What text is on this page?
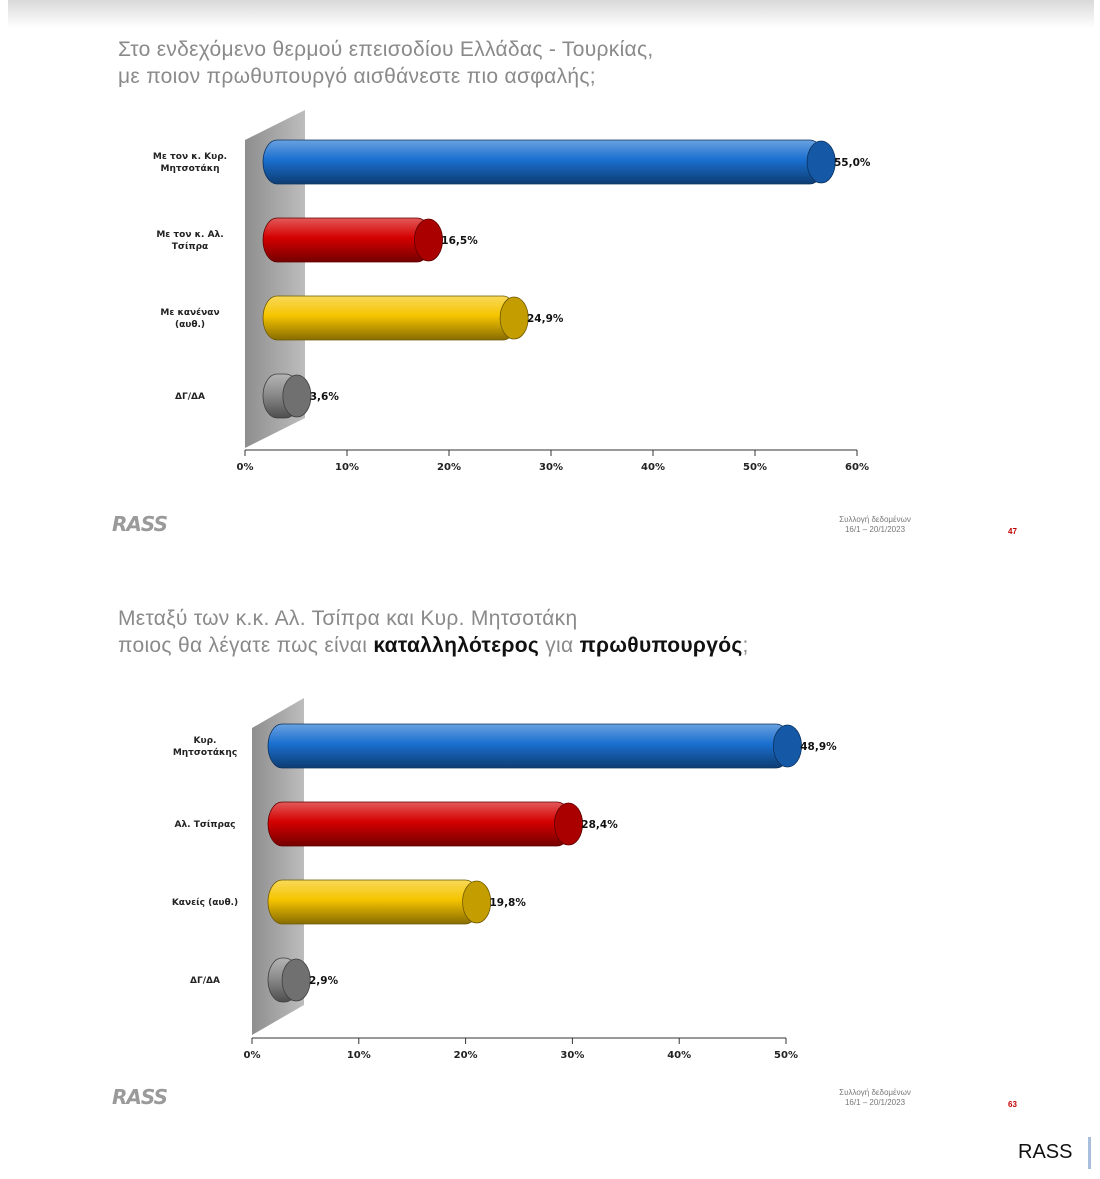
Στο ενδεχόμενο θερμού επεισοδίου Ελλάδας - Τουρκίας,
με ποιον πρωθυπουργό αισθάνεστε πιο ασφαλής;
55,0%
Με τον κ. Κυρ. Μητσοτάκη
16,5%
Με τον κ. Αλ. Τσίπρα
24,9%
Με κανέναν (αυθ.)
3,6%
ΔΓ/ΔΑ
0%	10%	20%	30%	40%	50%	60%
RASS	Συλλογή δεδομένων
16/1 – 20/1/2023	47
Μεταξύ των κ.κ. Αλ. Τσίπρα και Κυρ. Μητσοτάκη
ποιος θα λέγατε πως είναι καταλληλότερος για πρωθυπουργός;
48,9%
Κυρ. Μητσοτάκης
28,4%
Αλ. Τσίπρας
19,8%
Κανείς (αυθ.)
2,9%
ΔΓ/ΔΑ
0%	10%	20%	30%	40%	50%
RASS	Συλλογή δεδομένων
16/1 – 20/1/2023	63
RASS
